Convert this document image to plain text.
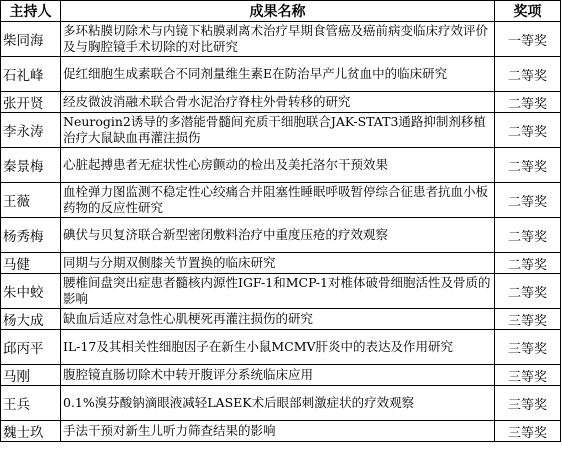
主持人	成果名称	奖项
柴同海	多环粘膜切除术与内镜下粘膜剥离术治疗早期食管癌及癌前病变临床疗效评价及与胸腔镜手术切除的对比研究	一等奖
石礼峰	促红细胞生成素联合不同剂量维生素E在防治早产儿贫血中的临床研究	二等奖
张开贤	经皮微波消融术联合骨水泥治疗脊柱外骨转移的研究	二等奖
李永涛	Neurogin2诱导的多潜能骨髓间充质干细胞联合JAK-STAT3通路抑制剂移植治疗大鼠缺血再灌注损伤	二等奖
秦景梅	心脏起搏患者无症状性心房颤动的检出及美托洛尔干预效果	二等奖
王薇	血栓弹力图监测不稳定性心绞痛合并阻塞性睡眠呼吸暂停综合征患者抗血小板药物的反应性研究	二等奖
杨秀梅	碘伏与贝复济联合新型密闭敷料治疗中重度压疮的疗效观察	二等奖
马健	同期与分期双侧膝关节置换的临床研究	二等奖
朱中蛟	腰椎间盘突出症患者髓核内源性IGF-1和MCP-1对椎体破骨细胞活性及骨质的影响	二等奖
杨大成	缺血后适应对急性心肌梗死再灌注损伤的研究	三等奖
邱丙平	IL-17及其相关性细胞因子在新生小鼠MCMV肝炎中的表达及作用研究	三等奖
马刚	腹腔镜直肠切除术中转开腹评分系统临床应用	三等奖
王兵	0.1%溴芬酸钠滴眼液减轻LASEK术后眼部刺激症状的疗效观察	三等奖
魏士玖	手法干预对新生儿听力筛查结果的影响	三等奖
